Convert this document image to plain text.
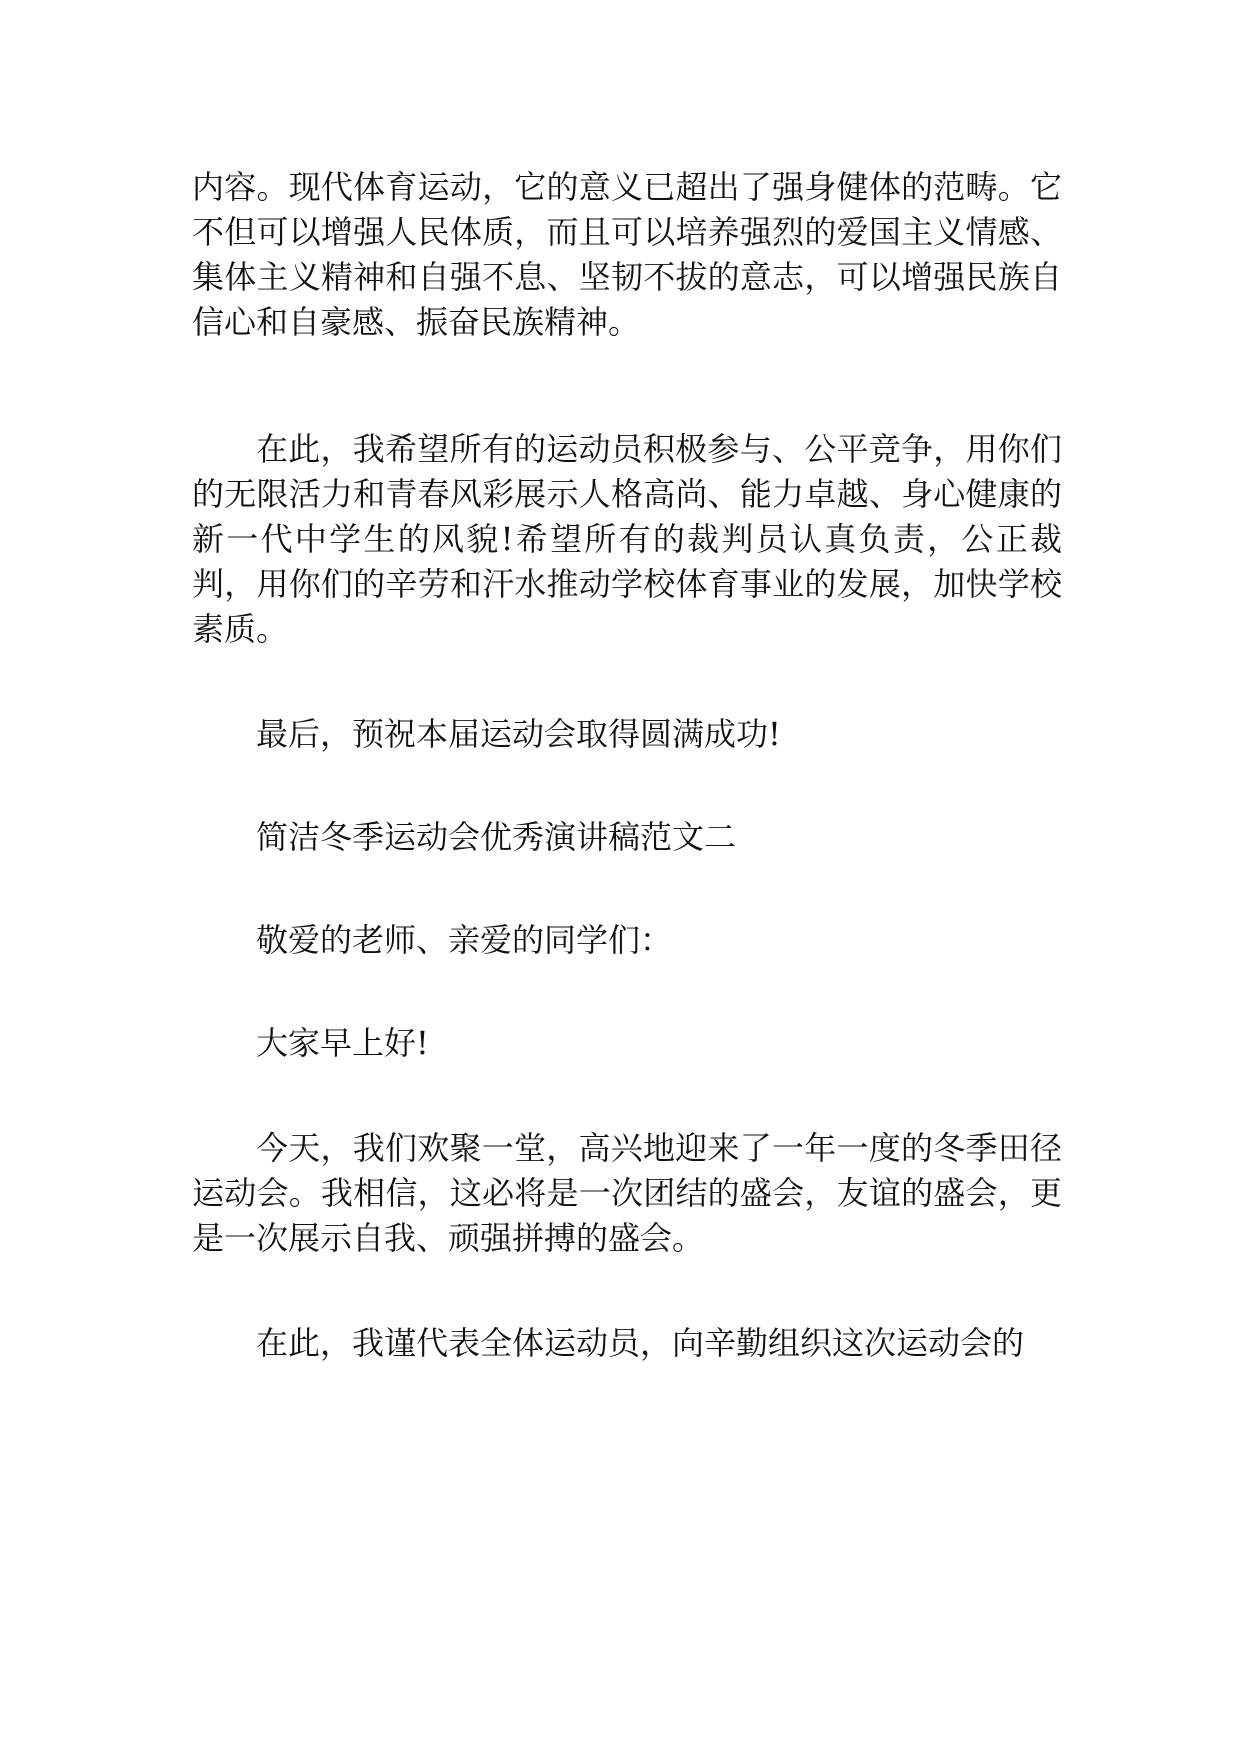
内容。现代体育运动，它的意义已超出了强身健体的范畴。它不但可以增强人民体质，而且可以培养强烈的爱国主义情感、集体主义精神和自强不息、坚韧不拔的意志，可以增强民族自信心和自豪感、振奋民族精神。

在此，我希望所有的运动员积极参与、公平竞争，用你们的无限活力和青春风彩展示人格高尚、能力卓越、身心健康的新一代中学生的风貌!希望所有的裁判员认真负责，公正裁判，用你们的辛劳和汗水推动学校体育事业的发展，加快学校素质。

最后，预祝本届运动会取得圆满成功!

简洁冬季运动会优秀演讲稿范文二

敬爱的老师、亲爱的同学们：

大家早上好!

今天，我们欢聚一堂，高兴地迎来了一年一度的冬季田径运动会。我相信，这必将是一次团结的盛会，友谊的盛会，更是一次展示自我、顽强拼搏的盛会。

在此，我谨代表全体运动员，向辛勤组织这次运动会的
